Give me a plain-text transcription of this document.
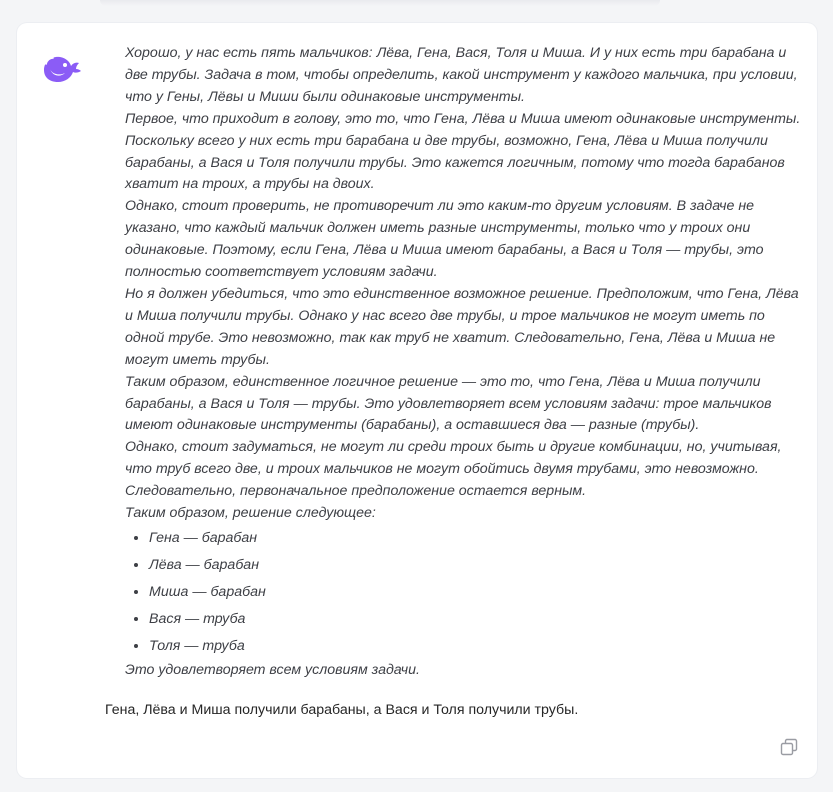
Хорошо, у нас есть пять мальчиков: Лёва, Гена, Вася, Толя и Миша. И у них есть три барабана и две трубы. Задача в том, чтобы определить, какой инструмент у каждого мальчика, при условии, что у Гены, Лёвы и Миши были одинаковые инструменты.

Первое, что приходит в голову, это то, что Гена, Лёва и Миша имеют одинаковые инструменты. Поскольку всего у них есть три барабана и две трубы, возможно, Гена, Лёва и Миша получили барабаны, а Вася и Толя получили трубы. Это кажется логичным, потому что тогда барабанов хватит на троих, а трубы на двоих.

Однако, стоит проверить, не противоречит ли это каким-то другим условиям. В задаче не указано, что каждый мальчик должен иметь разные инструменты, только что у троих они одинаковые. Поэтому, если Гена, Лёва и Миша имеют барабаны, а Вася и Толя — трубы, это полностью соответствует условиям задачи.

Но я должен убедиться, что это единственное возможное решение. Предположим, что Гена, Лёва и Миша получили трубы. Однако у нас всего две трубы, и трое мальчиков не могут иметь по одной трубе. Это невозможно, так как труб не хватит. Следовательно, Гена, Лёва и Миша не могут иметь трубы.

Таким образом, единственное логичное решение — это то, что Гена, Лёва и Миша получили барабаны, а Вася и Толя — трубы. Это удовлетворяет всем условиям задачи: трое мальчиков имеют одинаковые инструменты (барабаны), а оставшиеся два — разные (трубы).

Однако, стоит задуматься, не могут ли среди троих быть и другие комбинации, но, учитывая, что труб всего две, и троих мальчиков не могут обойтись двумя трубами, это невозможно. Следовательно, первоначальное предположение остается верным.

Таким образом, решение следующее:

• Гена — барабан
• Лёва — барабан
• Миша — барабан
• Вася — труба
• Толя — труба

Это удовлетворяет всем условиям задачи.

Гена, Лёва и Миша получили барабаны, а Вася и Толя получили трубы.
